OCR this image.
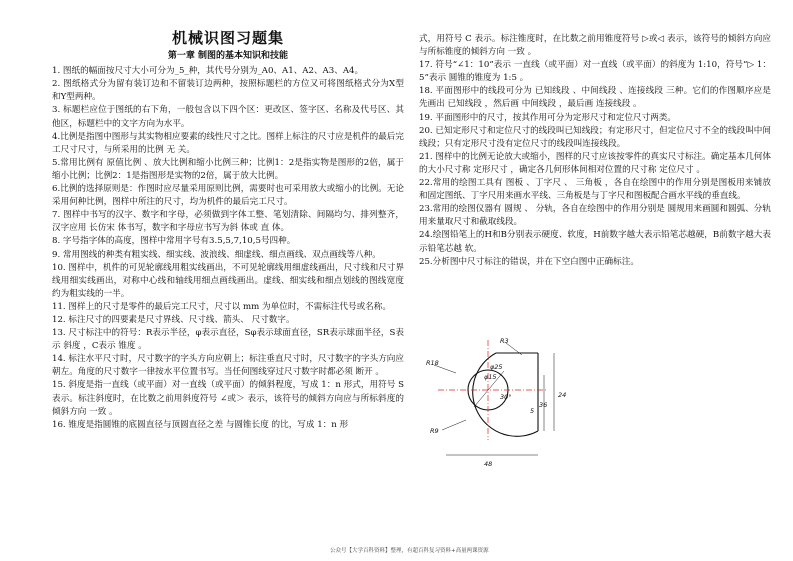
机械识图习题集
第一章 制图的基本知识和技能

1. 图纸的幅面按尺寸大小可分为_5_种，其代号分别为_A0、A1、A2、A3、A4。

2. 图纸格式分为留有装订边和不留装订边两种，按照标题栏的方位又可将图纸格式分为X型和Y型两种。

3. 标题栏应位于图纸的右下角，一般包含以下四个区：更改区、签字区、名称及代号区、其他区，标题栏中的文字方向为水平。

4.比例是指图中图形与其实物相应要素的线性尺寸之比。图样上标注的尺寸应是机件的最后完工尺寸尺寸，与所采用的比例 无 关。

5.常用比例有 原值比例 、放大比例和缩小比例三种；比例1：2是指实物是图形的2倍，属于缩小比例；比例2：1是指图形是实物的2倍，属于放大比例。

6.比例的选择原则是：作图时应尽量采用原则比例，需要时也可采用放大或缩小的比例。无论采用何种比例，图样中所注的尺寸，均为机件的最后完工尺寸。

7. 图样中书写的汉字、数字和字母，必须做到字体工整、笔划清除、间隔均匀、排列整齐，汉字应用 长仿宋 体书写，数字和字母应书写为斜 体或 直 体。

8. 字号指字体的高度，图样中常用字号有3.5,5,7,10,5号四种。

9. 常用图线的种类有粗实线、细实线、波浪线、细虚线、细点画线、双点画线等八种。

10. 图样中，机件的可见轮廓线用粗实线画出，不可见轮廓线用细虚线画出，尺寸线和尺寸界线用细实线画出，对称中心线和轴线用细点画线画出。虚线、细实线和细点划线的图线宽度约为粗实线的一半。

11. 图样上的尺寸是零件的最后完工尺寸，尺寸以 mm 为单位时，不需标注代号或名称。

12. 标注尺寸的四要素是尺寸界线、尺寸线、箭头、 尺寸数字。

13. 尺寸标注中的符号：R表示半径，φ表示直径，Sφ表示球面直径，SR表示球面半径，S表示 斜度 ，C表示 锥度 。

14. 标注水平尺寸时，尺寸数字的字头方向应朝上；标注垂直尺寸时，尺寸数字的字头方向应朝左。角度的尺寸数字一律按水平位置书写。当任何图线穿过尺寸数字时都必须 断开 。

15. 斜度是指一直线（或平面）对一直线（或平面）的倾斜程度，写成 1：n 形式，用符号 S 表示。标注斜度时，在比数之前用斜度符号 ∠或＞ 表示，该符号的倾斜方向应与所标斜度的倾斜方向 一致 。

16. 锥度是指圆锥的底圆直径与顶圆直径之差 与圆锥长度 的比，写成 1：n 形

式，用符号 C 表示。标注锥度时，在比数之前用锥度符号 ▷或◁ 表示，该符号的倾斜方向应与所标锥度的倾斜方向 一致 。

17. 符号“∠1：10”表示 一直线（或平面）对一直线（或平面）的斜度为 1:10，符号“▷ 1：5”表示 圆锥的锥度为 1:5 。

18. 平面图形中的线段可分为 已知线段 、中间线段 、连接线段 三种。它们的作图顺序应是先画出 已知线段 ，然后画 中间线段 ，最后画 连接线段 。

19. 平面图形中的尺寸，按其作用可分为定形尺寸和定位尺寸两类。

20. 已知定形尺寸和定位尺寸的线段叫已知线段；有定形尺寸，但定位尺寸不全的线段叫中间线段；只有定形尺寸没有定位尺寸的线段叫连接线段。

21. 图样中的比例无论放大或缩小，图样的尺寸应该按零件的真实尺寸标注。确定基本几何体的大小尺寸称 定形尺寸 ，确定各几何形体间相对位置的尺寸称 定位尺寸 。

22.常用的绘图工具有 图板 、丁字尺 、 三角板 ，各自在绘图中的作用分别是图板用来铺放和固定图纸、丁字尺用来画水平线、三角板是与丁字尺和图板配合画水平线的垂直线。

23.常用的绘图仪器有 圆规 、 分轨，各自在绘图中的作用分别是 圆规用来画圆和圆弧、分轨用来量取尺寸和截取线段。

24.绘图铅笔上的H和B分别表示硬度、软度，H前数字越大表示铅笔芯越硬，B前数字越大表示铅笔芯越 软。

25.分析图中尺寸标注的错误，并在下空白图中正确标注。

R3
R18
R9
φ15
φ25
30°
5
36
24
48
公众号【大学百科资料】整理，有超百科复习资料+高量两课资源
